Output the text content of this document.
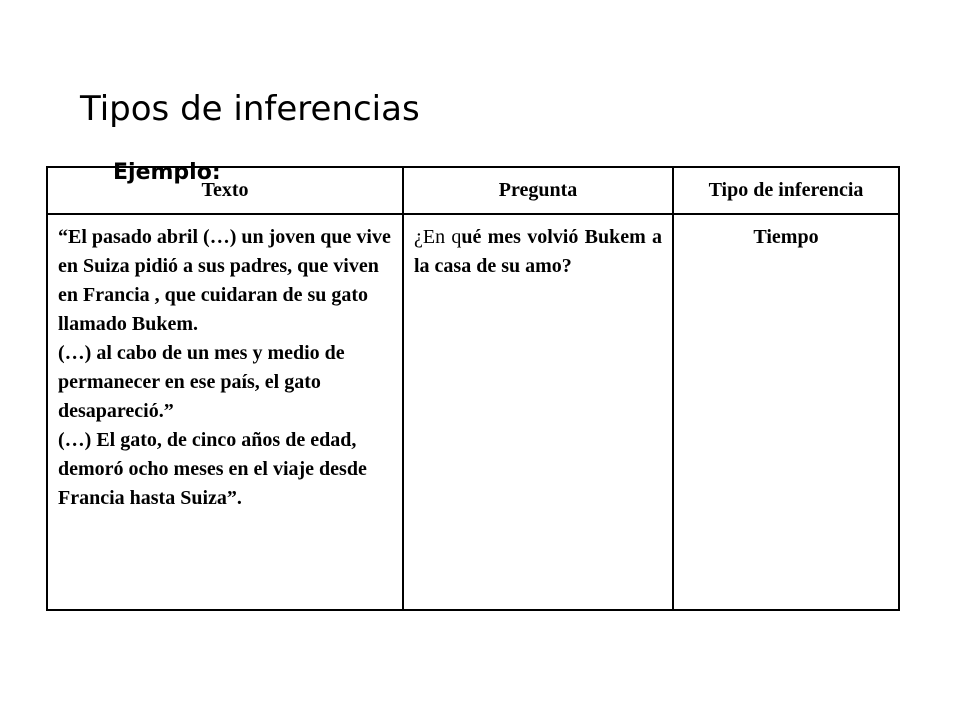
Tipos de inferencias
Texto	Pregunta	Tipo de inferencia

“El pasado abril (…) un joven que vive en Suiza pidió a sus padres, que viven en Francia , que cuidaran de su gato llamado Bukem.
(…) al cabo de un mes y medio de permanecer en ese país, el gato desapareció.”
(…) El gato, de cinco años de edad, demoró ocho meses en el viaje desde Francia hasta Suiza”.	¿En qué mes volvió Bukem a la casa de su amo?	Tiempo
Ejemplo:
